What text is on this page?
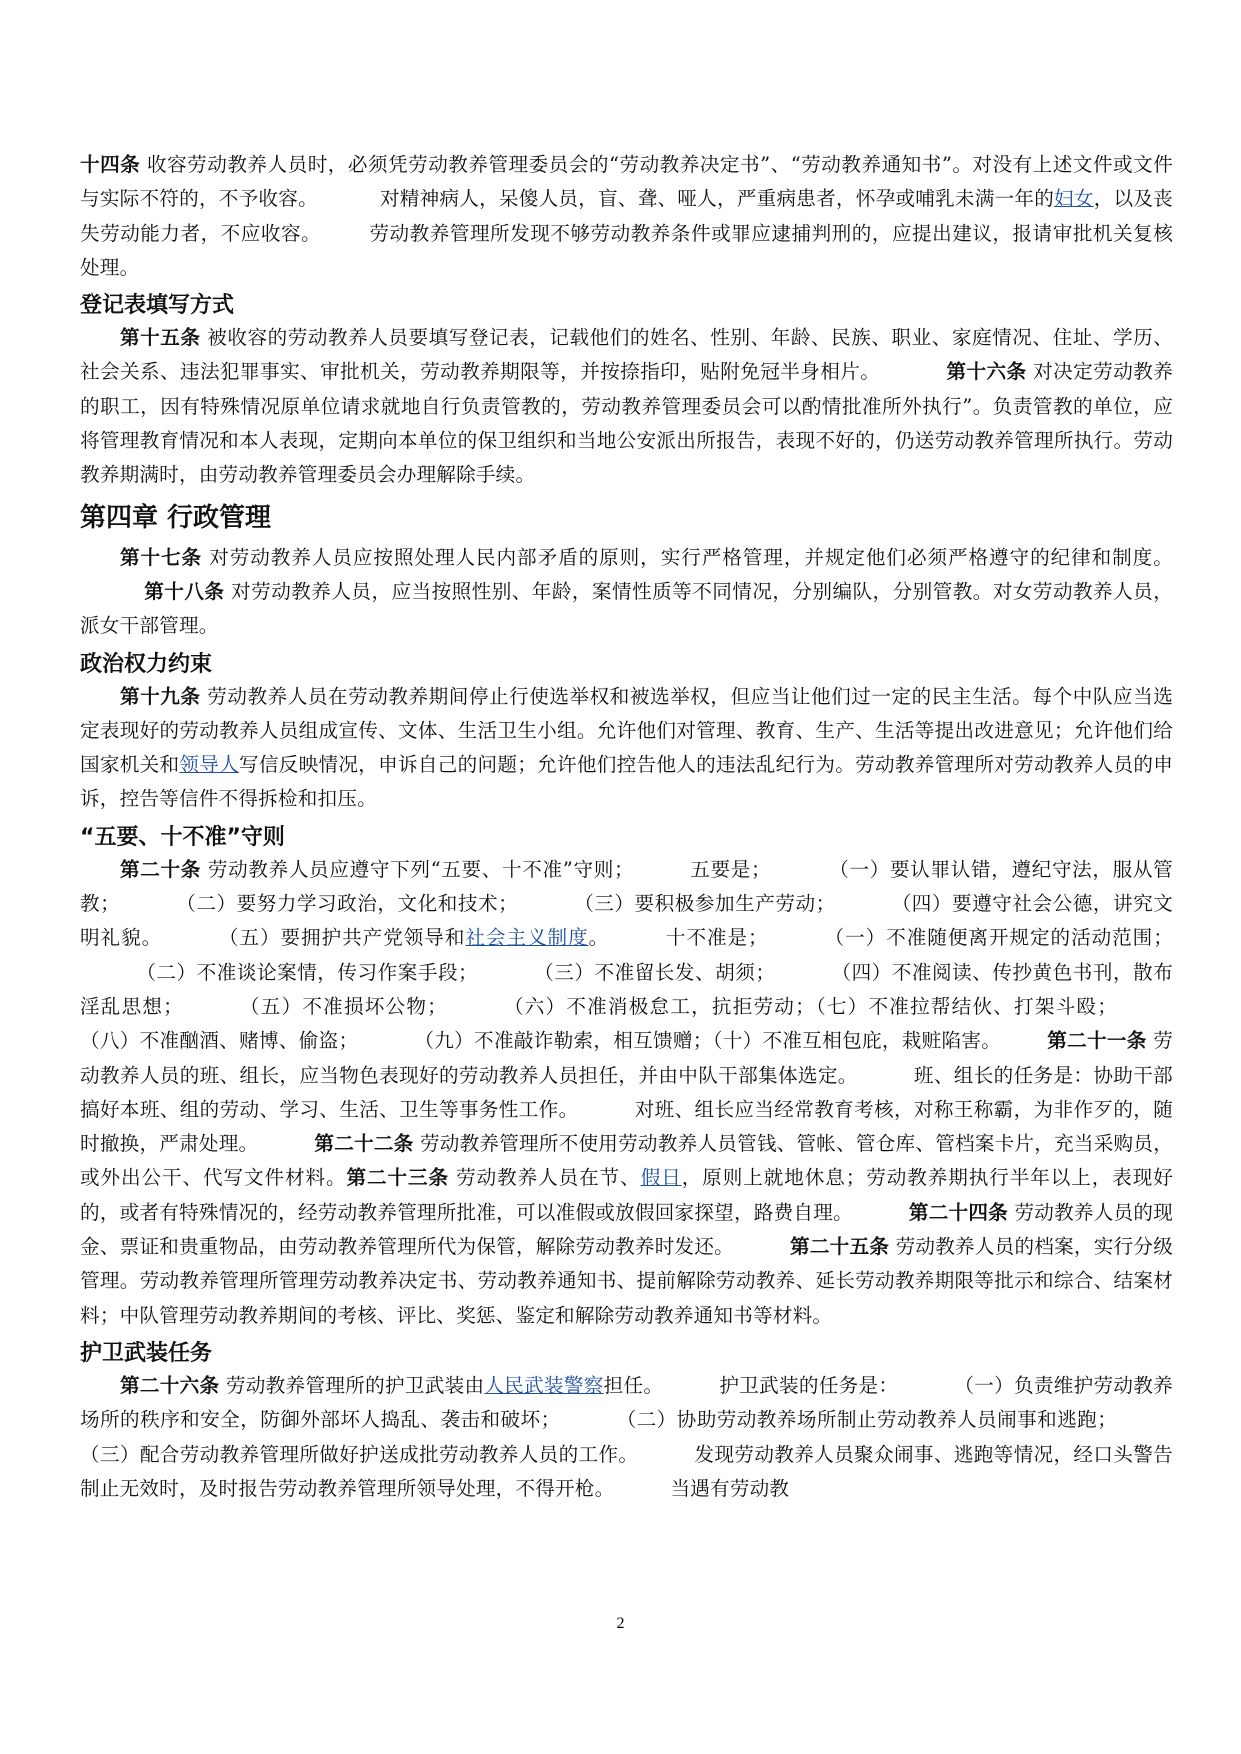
十四条 收容劳动教养人员时，必须凭劳动教养管理委员会的“劳动教养决定书”、“劳动教养通知书”。对没有上述文件或文件与实际不符的，不予收容。	对精神病人，呆傻人员，盲、聋、哑人，严重病患者，怀孕或哺乳未满一年的妇女，以及丧失劳动能力者，不应收容。 劳动教养管理所发现不够劳动教养条件或罪应逮捕判刑的，应提出建议，报请审批机关复核处理。

登记表填写方式

第十五条 被收容的劳动教养人员要填写登记表，记载他们的姓名、性别、年龄、民族、职业、家庭情况、住址、学历、社会关系、违法犯罪事实、审批机关，劳动教养期限等，并按捺指印，贴附免冠半身相片。	第十六条 对决定劳动教养的职工，因有特殊情况原单位请求就地自行负责管教的，劳动教养管理委员会可以酌情批准所外执行”。负责管教的单位，应将管理教育情况和本人表现，定期向本单位的保卫组织和当地公安派出所报告，表现不好的，仍送劳动教养管理所执行。劳动教养期满时，由劳动教养管理委员会办理解除手续。

第四章 行政管理

第十七条 对劳动教养人员应按照处理人民内部矛盾的原则，实行严格管理，并规定他们必须严格遵守的纪律和制度。第十八条 对劳动教养人员，应当按照性别、年龄，案情性质等不同情况，分别编队，分别管教。对女劳动教养人员，派女干部管理。

政治权力约束

第十九条 劳动教养人员在劳动教养期间停止行使选举权和被选举权，但应当让他们过一定的民主生活。每个中队应当选定表现好的劳动教养人员组成宣传、文体、生活卫生小组。允许他们对管理、教育、生产、生活等提出改进意见；允许他们给国家机关和领导人写信反映情况，申诉自己的问题；允许他们控告他人的违法乱纪行为。劳动教养管理所对劳动教养人员的申诉，控告等信件不得拆检和扣压。

“五要、十不准”守则

第二十条 劳动教养人员应遵守下列“五要、十不准”守则；	五要是；	（一）要认罪认错，遵纪守法，服从管教；	（二）要努力学习政治，文化和技术；	（三）要积极参加生产劳动；	（四）要遵守社会公德，讲究文明礼貌。	（五）要拥护共产党领导和社会主义制度。	十不准是；	（一）不准随便离开规定的活动范围；（二）不准谈论案情，传习作案手段；	（三）不准留长发、胡须；	（四）不准阅读、传抄黄色书刊，散布淫乱思想；	（五）不准损坏公物；	（六）不准消极怠工，抗拒劳动；（七）不准拉帮结伙、打架斗殴；（八）不准酗酒、赌博、偷盗；	（九）不准敲诈勒索，相互馈赠；（十）不准互相包庇，栽赃陷害。 第二十一条 劳动教养人员的班、组长，应当物色表现好的劳动教养人员担任，并由中队干部集体选定。	班、组长的任务是：协助干部搞好本班、组的劳动、学习、生活、卫生等事务性工作。	对班、组长应当经常教育考核，对称王称霸，为非作歹的，随时撤换，严肃处理。	第二十二条 劳动教养管理所不使用劳动教养人员管钱、管帐、管仓库、管档案卡片，充当采购员，或外出公干、代写文件材料。第二十三条 劳动教养人员在节、假日，原则上就地休息；劳动教养期执行半年以上，表现好的，或者有特殊情况的，经劳动教养管理所批准，可以准假或放假回家探望，路费自理。	第二十四条 劳动教养人员的现金、票证和贵重物品，由劳动教养管理所代为保管，解除劳动教养时发还。	第二十五条 劳动教养人员的档案，实行分级管理。劳动教养管理所管理劳动教养决定书、劳动教养通知书、提前解除劳动教养、延长劳动教养期限等批示和综合、结案材料；中队管理劳动教养期间的考核、评比、奖惩、鉴定和解除劳动教养通知书等材料。

护卫武装任务

第二十六条 劳动教养管理所的护卫武装由人民武装警察担任。	护卫武装的任务是：	（一）负责维护劳动教养场所的秩序和安全，防御外部坏人捣乱、袭击和破坏；	（二）协助劳动教养场所制止劳动教养人员闹事和逃跑；（三）配合劳动教养管理所做好护送成批劳动教养人员的工作。	发现劳动教养人员聚众闹事、逃跑等情况，经口头警告制止无效时，及时报告劳动教养管理所领导处理，不得开枪。	当遇有劳动教

2
